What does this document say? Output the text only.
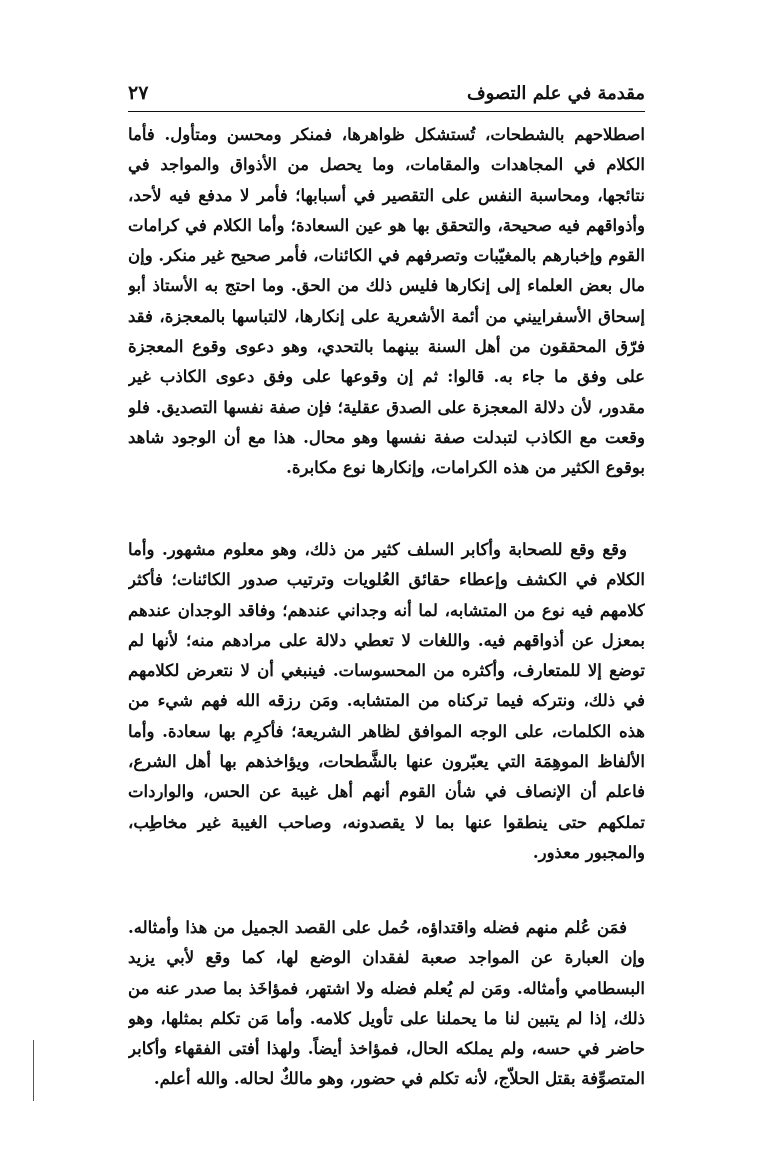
مقدمة في علم التصوف
٢٧

اصطلاحهم بالشطحات، تُستشكل ظواهرها، فمنكر ومحسن ومتأول. فأما الكلام في المجاهدات والمقامات، وما يحصل من الأذواق والمواجد في نتائجها، ومحاسبة النفس على التقصير في أسبابها؛ فأمر لا مدفع فيه لأحد، وأذواقهم فيه صحيحة، والتحقق بها هو عين السعادة؛ وأما الكلام في كرامات القوم وإخبارهم بالمغيّبات وتصرفهم في الكائنات، فأمر صحيح غير منكر. وإن مال بعض العلماء إلى إنكارها فليس ذلك من الحق. وما احتج به الأستاذ أبو إسحاق الأسفراييني من أئمة الأشعرية على إنكارها، لالتباسها بالمعجزة، فقد فرّق المحققون من أهل السنة بينهما بالتحدي، وهو دعوى وقوع المعجزة على وفق ما جاء به. قالوا: ثم إن وقوعها على وفق دعوى الكاذب غير مقدور، لأن دلالة المعجزة على الصدق عقلية؛ فإن صفة نفسها التصديق. فلو وقعت مع الكاذب لتبدلت صفة نفسها وهو محال. هذا مع أن الوجود شاهد بوقوع الكثير من هذه الكرامات، وإنكارها نوع مكابرة.

وقع وقع للصحابة وأكابر السلف كثير من ذلك، وهو معلوم مشهور. وأما الكلام في الكشف وإعطاء حقائق العُلويات وترتيب صدور الكائنات؛ فأكثر كلامهم فيه نوع من المتشابه، لما أنه وجداني عندهم؛ وفاقد الوجدان عندهم بمعزل عن أذواقهم فيه. واللغات لا تعطي دلالة على مرادهم منه؛ لأنها لم توضع إلا للمتعارف، وأكثره من المحسوسات. فينبغي أن لا نتعرض لكلامهم في ذلك، ونتركه فيما تركناه من المتشابه. ومَن رزقه الله فهم شيء من هذه الكلمات، على الوجه الموافق لظاهر الشريعة؛ فأكرِم بها سعادة. وأما الألفاظ الموهِمَة التي يعبّرون عنها بالشَّطحات، ويؤاخذهم بها أهل الشرع، فاعلم أن الإنصاف في شأن القوم أنهم أهل غيبة عن الحس، والواردات تملكهم حتى ينطقوا عنها بما لا يقصدونه، وصاحب الغيبة غير مخاطِب، والمجبور معذور.

فمَن عُلم منهم فضله واقتداؤه، حُمل على القصد الجميل من هذا وأمثاله. وإن العبارة عن المواجد صعبة لفقدان الوضع لها، كما وقع لأبي يزيد البسطامي وأمثاله. ومَن لم يُعلم فضله ولا اشتهر، فمؤاخَذ بما صدر عنه من ذلك، إذا لم يتبين لنا ما يحملنا على تأويل كلامه. وأما مَن تكلم بمثلها، وهو حاضر في حسه، ولم يملكه الحال، فمؤاخذ أيضاً. ولهذا أفتى الفقهاء وأكابر المتصوِّفة بقتل الحلاّج، لأنه تكلم في حضور، وهو مالكٌ لحاله. والله أعلم.
